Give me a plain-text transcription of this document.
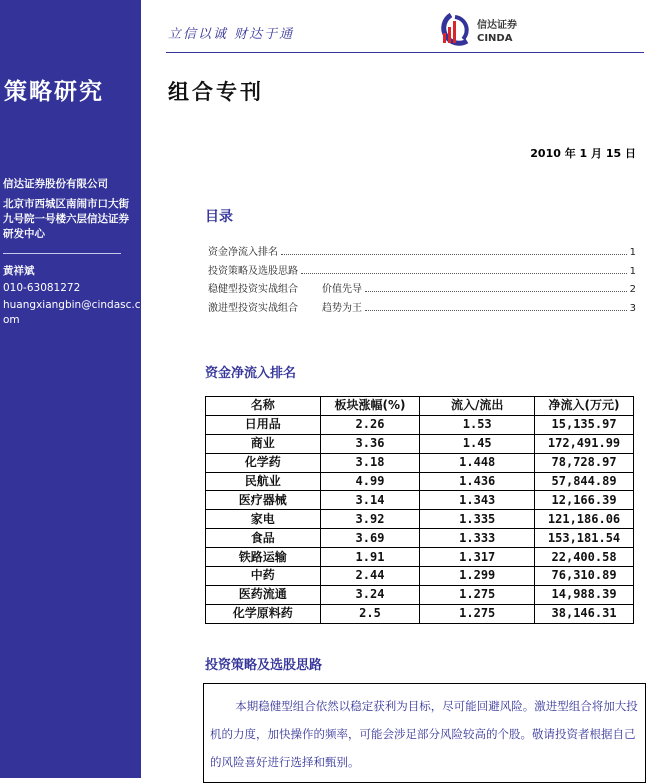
策略研究
信达证券股份有限公司
北京市西城区南闹市口大街
九号院一号楼六层信达证券
研发中心
黄祥斌
010-63081272
huangxiangbin@cindasc.c
om
立信以诚 财达于通
信达证券
CINDA
组合专刊
2010 年 1 月 15 日
目录
资金净流入排名	1
投资策略及选股思路	1
稳健型投资实战组合 价值先导	2
激进型投资实战组合 趋势为王	3
资金净流入排名
名称	板块涨幅(%)	流入/流出	净流入(万元)
日用品	2.26	1.53	15,135.97
商业	3.36	1.45	172,491.99
化学药	3.18	1.448	78,728.97
民航业	4.99	1.436	57,844.89
医疗器械	3.14	1.343	12,166.39
家电	3.92	1.335	121,186.06
食品	3.69	1.333	153,181.54
铁路运输	1.91	1.317	22,400.58
中药	2.44	1.299	76,310.89
医药流通	3.24	1.275	14,988.39
化学原料药	2.5	1.275	38,146.31
投资策略及选股思路

本期稳健型组合依然以稳定获利为目标，尽可能回避风险。激进型组合将加大投机的力度，加快操作的频率，可能会涉足部分风险较高的个股。敬请投资者根据自己的风险喜好进行选择和甄别。
